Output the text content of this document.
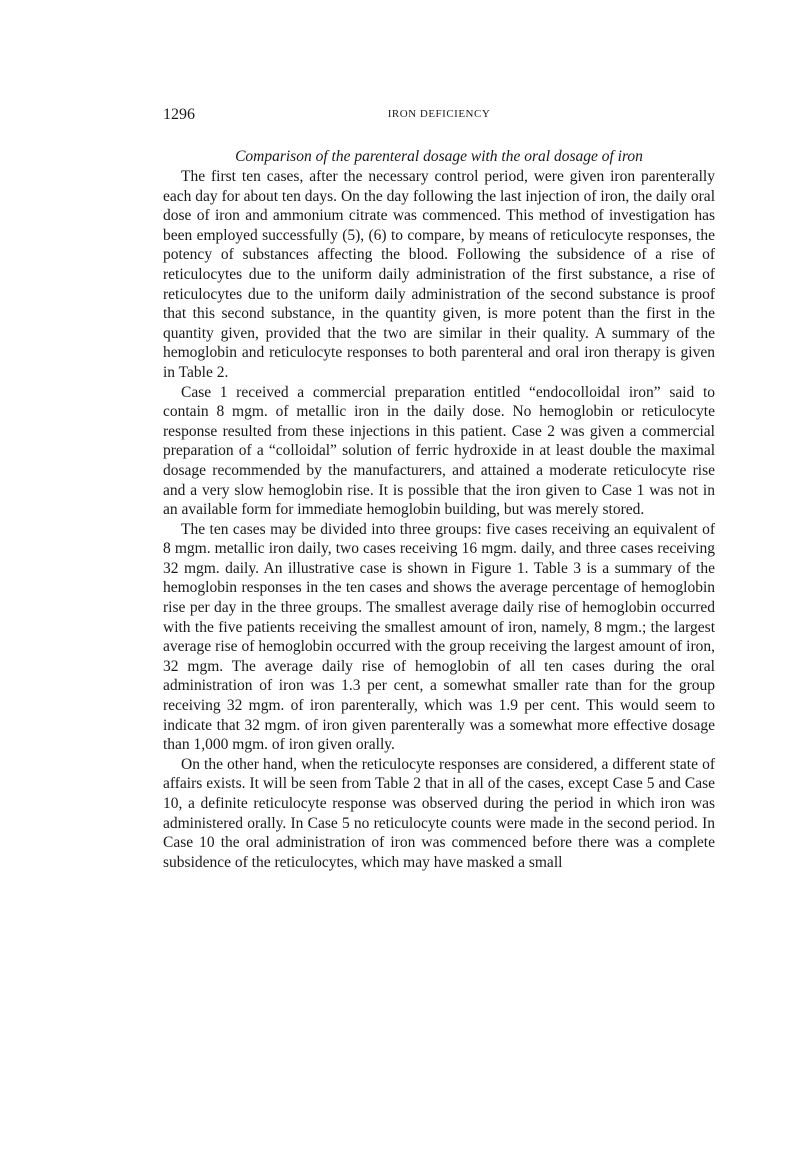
1296	IRON DEFICIENCY

Comparison of the parenteral dosage with the oral dosage of iron

The first ten cases, after the necessary control period, were given iron parenterally each day for about ten days. On the day following the last injection of iron, the daily oral dose of iron and ammonium citrate was commenced. This method of investigation has been employed successfully (5), (6) to compare, by means of reticulocyte responses, the potency of substances affecting the blood. Following the subsidence of a rise of reticulocytes due to the uniform daily administration of the first substance, a rise of reticulocytes due to the uniform daily administration of the second substance is proof that this second substance, in the quantity given, is more potent than the first in the quantity given, provided that the two are similar in their quality. A summary of the hemoglobin and reticulocyte responses to both parenteral and oral iron therapy is given in Table 2.

Case 1 received a commercial preparation entitled “endocolloidal iron” said to contain 8 mgm. of metallic iron in the daily dose. No hemoglobin or reticulocyte response resulted from these injections in this patient. Case 2 was given a commercial preparation of a “colloidal” solution of ferric hydroxide in at least double the maximal dosage recommended by the manufacturers, and attained a moderate reticulocyte rise and a very slow hemoglobin rise. It is possible that the iron given to Case 1 was not in an available form for immediate hemoglobin building, but was merely stored.

The ten cases may be divided into three groups: five cases receiving an equivalent of 8 mgm. metallic iron daily, two cases receiving 16 mgm. daily, and three cases receiving 32 mgm. daily. An illustrative case is shown in Figure 1. Table 3 is a summary of the hemoglobin responses in the ten cases and shows the average percentage of hemoglobin rise per day in the three groups. The smallest average daily rise of hemoglobin occurred with the five patients receiving the smallest amount of iron, namely, 8 mgm.; the largest average rise of hemoglobin occurred with the group receiving the largest amount of iron, 32 mgm. The average daily rise of hemoglobin of all ten cases during the oral administration of iron was 1.3 per cent, a somewhat smaller rate than for the group receiving 32 mgm. of iron parenterally, which was 1.9 per cent. This would seem to indicate that 32 mgm. of iron given parenterally was a somewhat more effective dosage than 1,000 mgm. of iron given orally.

On the other hand, when the reticulocyte responses are considered, a different state of affairs exists. It will be seen from Table 2 that in all of the cases, except Case 5 and Case 10, a definite reticulocyte response was observed during the period in which iron was administered orally. In Case 5 no reticulocyte counts were made in the second period. In Case 10 the oral administration of iron was commenced before there was a complete subsidence of the reticulocytes, which may have masked a small
